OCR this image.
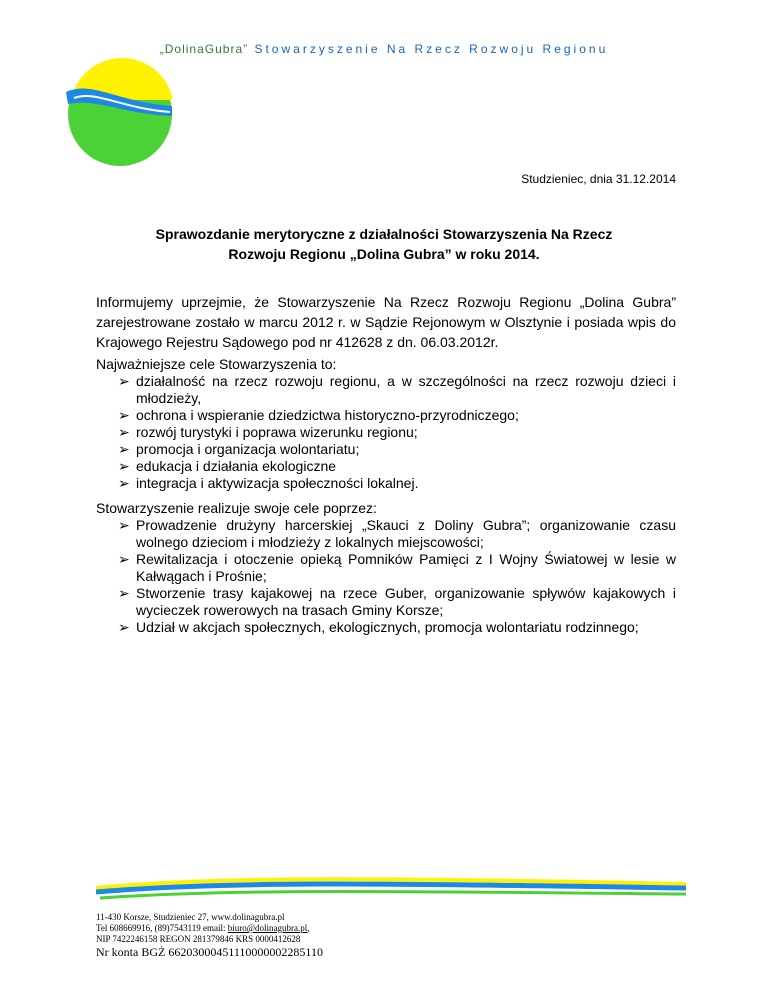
„DolinaGubra” Stowarzyszenie Na Rzecz Rozwoju Regionu
Studzieniec, dnia 31.12.2014
Sprawozdanie merytoryczne z działalności Stowarzyszenia Na Rzecz
Rozwoju Regionu „Dolina Gubra” w roku 2014.
Informujemy uprzejmie, że Stowarzyszenie Na Rzecz Rozwoju Regionu „Dolina Gubra” zarejestrowane zostało w marcu 2012 r. w Sądzie Rejonowym w Olsztynie i posiada wpis do Krajowego Rejestru Sądowego pod nr 412628 z dn. 06.03.2012r.

Najważniejsze cele Stowarzyszenia to:

➢ działalność na rzecz rozwoju regionu, a w szczególności na rzecz rozwoju dzieci i młodzieży,
➢ ochrona i wspieranie dziedzictwa historyczno-przyrodniczego;
➢ rozwój turystyki i poprawa wizerunku regionu;
➢ promocja i organizacja wolontariatu;
➢ edukacja i działania ekologiczne
➢ integracja i aktywizacja społeczności lokalnej.

Stowarzyszenie realizuje swoje cele poprzez:

➢ Prowadzenie drużyny harcerskiej „Skauci z Doliny Gubra”; organizowanie czasu wolnego dzieciom i młodzieży z lokalnych miejscowości;
➢ Rewitalizacja i otoczenie opieką Pomników Pamięci z I Wojny Światowej w lesie w Kałwągach i Prośnie;
➢ Stworzenie trasy kajakowej na rzece Guber, organizowanie spływów kajakowych i wycieczek rowerowych na trasach Gminy Korsze;
➢ Udział w akcjach społecznych, ekologicznych, promocja wolontariatu rodzinnego;
11-430 Korsze, Studzieniec 27, www.dolinagubra.pl
Tel 608669916, (89)7543119 email: biuro@dolinagubra.pl,
NIP 7422246158 REGON 281379846 KRS 0000412628
Nr konta BGŻ 66203000451110000002285110
